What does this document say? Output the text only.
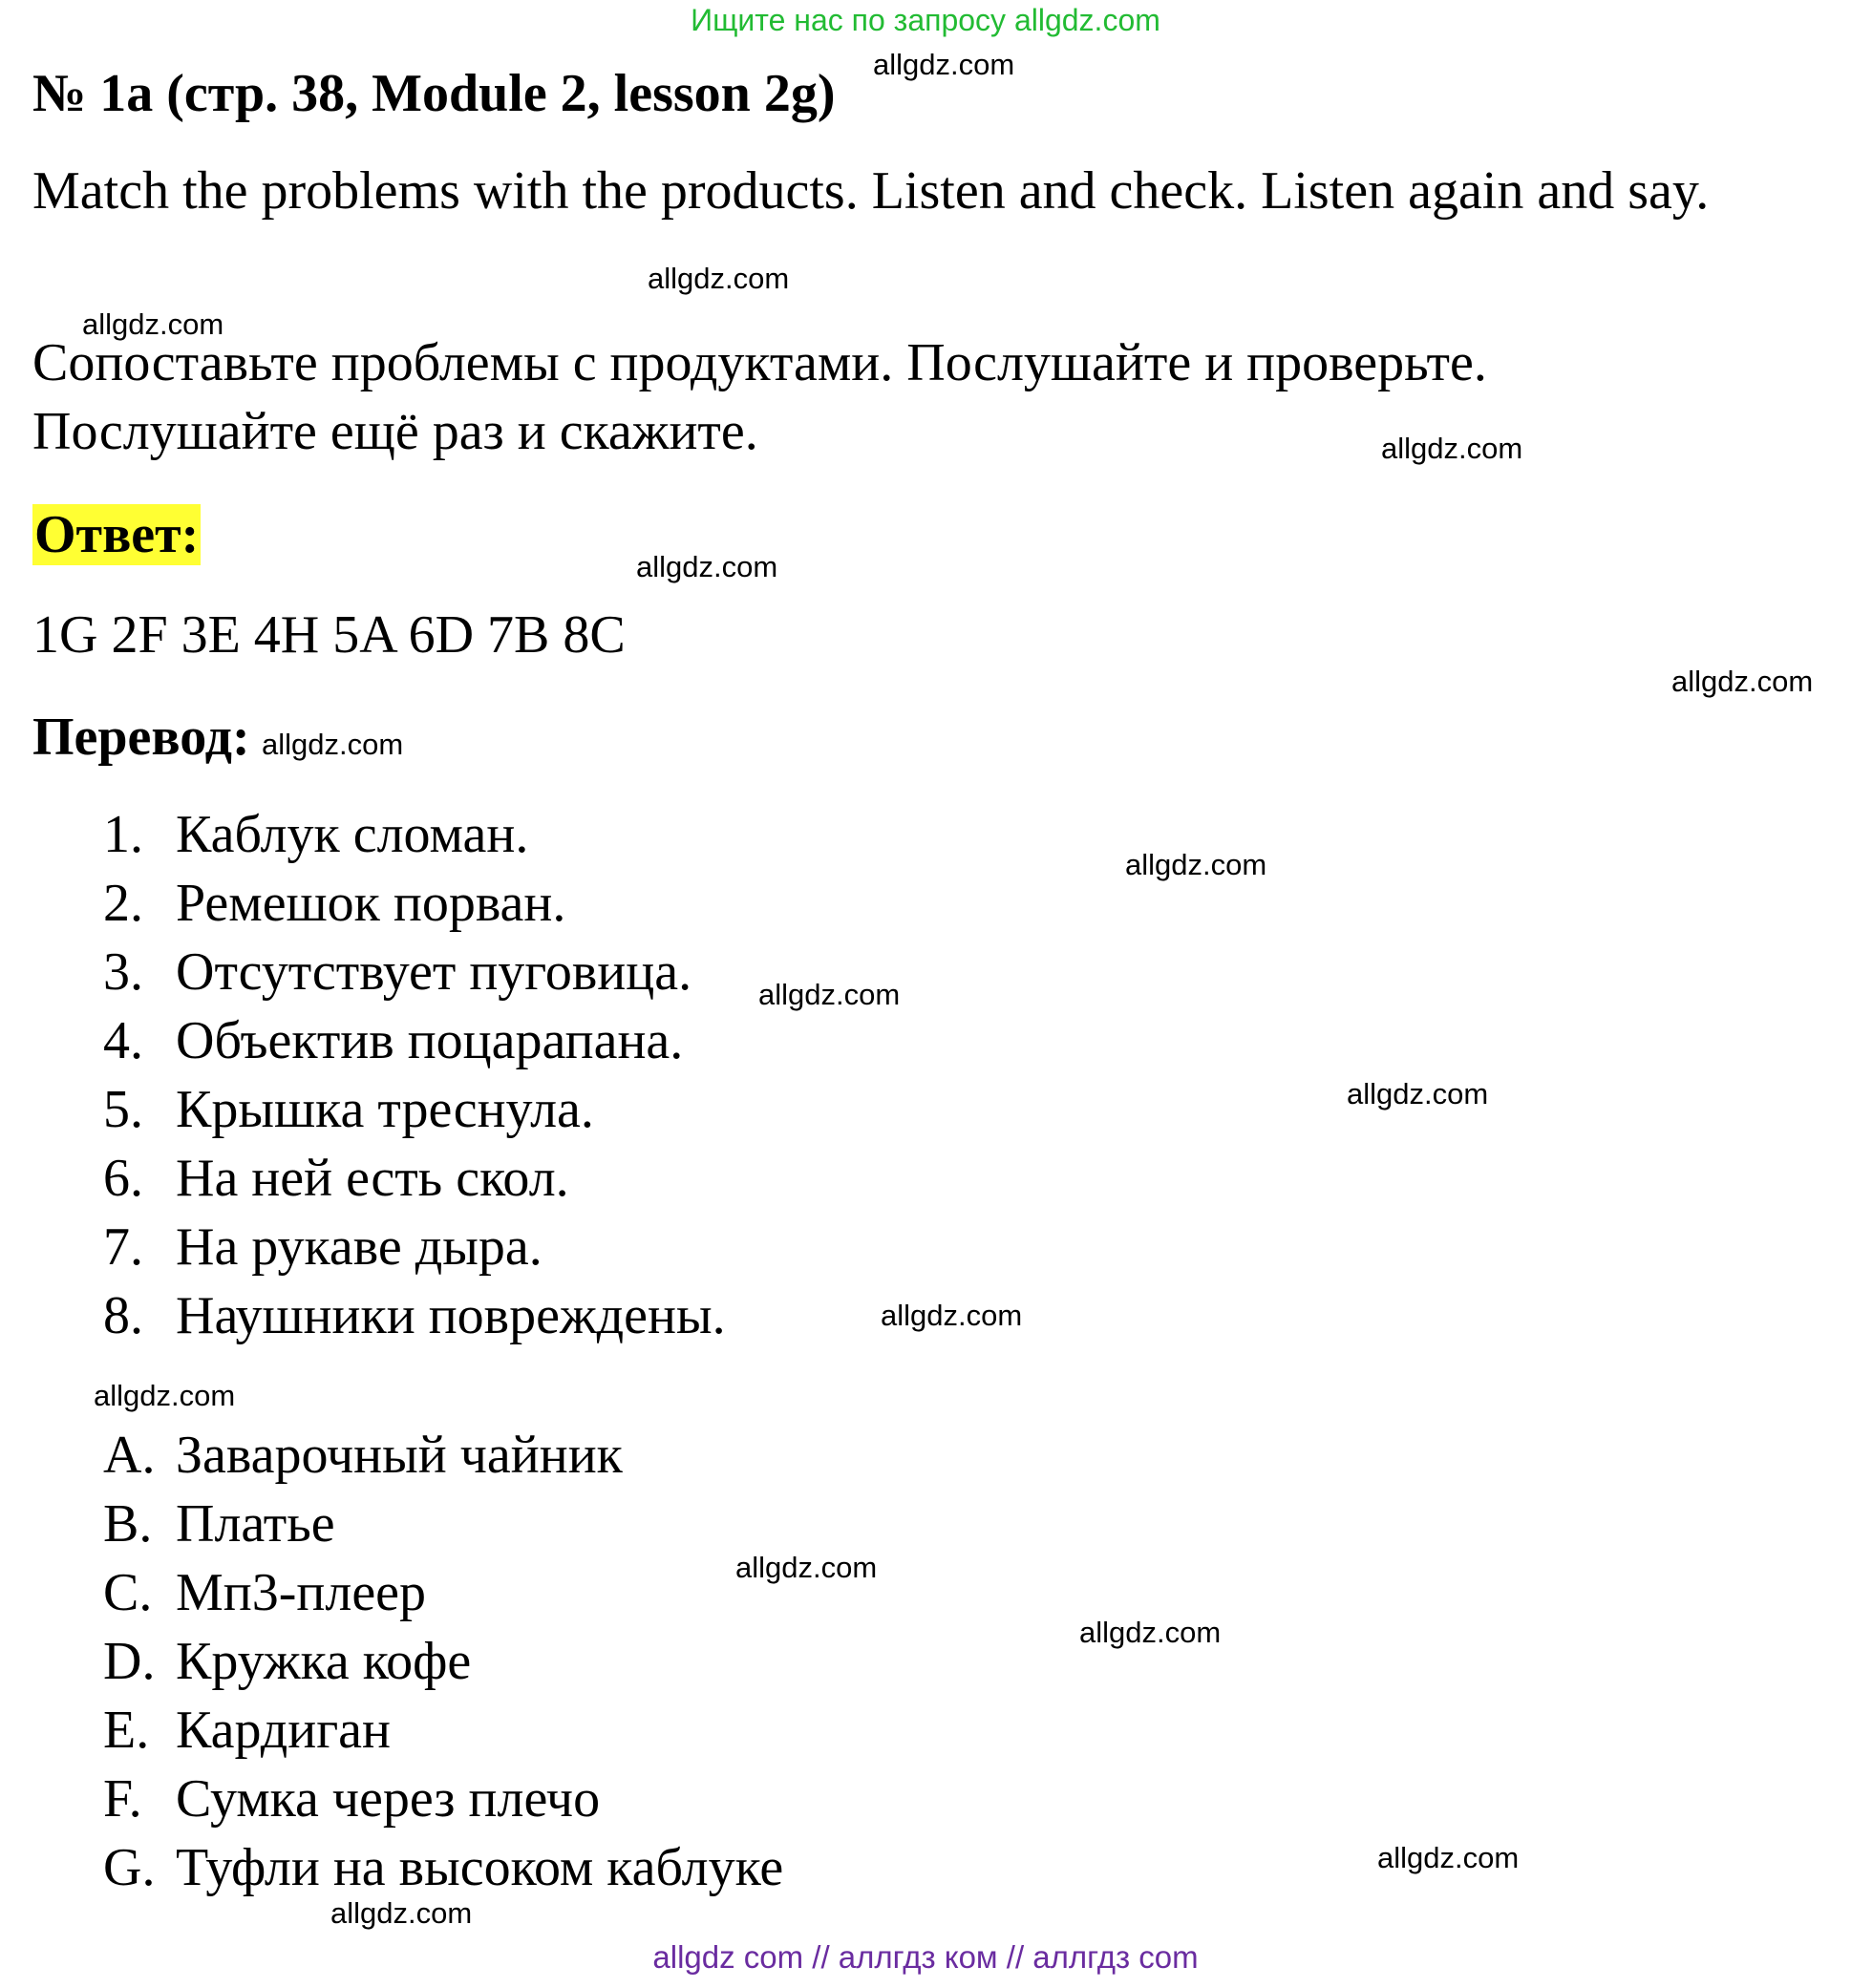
Ищите нас по запросу allgdz.com
№ 1a (стр. 38, Module 2, lesson 2g)
Match the problems with the products. Listen and check. Listen again and say.
Сопоставьте проблемы с продуктами. Послушайте и проверьте.
Послушайте ещё раз и скажите.
Ответ:
1G 2F 3E 4H 5A 6D 7B 8C
Перевод:
1. Каблук сломан.
2. Ремешок порван.
3. Отсутствует пуговица.
4. Объектив поцарапана.
5. Крышка треснула.
6. На ней есть скол.
7. На рукаве дыра.
8. Наушники повреждены.
A. Заварочный чайник
B. Платье
C. Мп3-плеер
D. Кружка кофе
E. Кардиган
F. Сумка через плечо
G. Туфли на высоком каблуке
allgdz.com
allgdz.com
allgdz.com
allgdz.com
allgdz.com
allgdz.com
allgdz.com
allgdz.com
allgdz.com
allgdz.com
allgdz.com
allgdz.com
allgdz.com
allgdz.com
allgdz.com
allgdz.com
allgdz com // аллгдз ком // аллгдз com
